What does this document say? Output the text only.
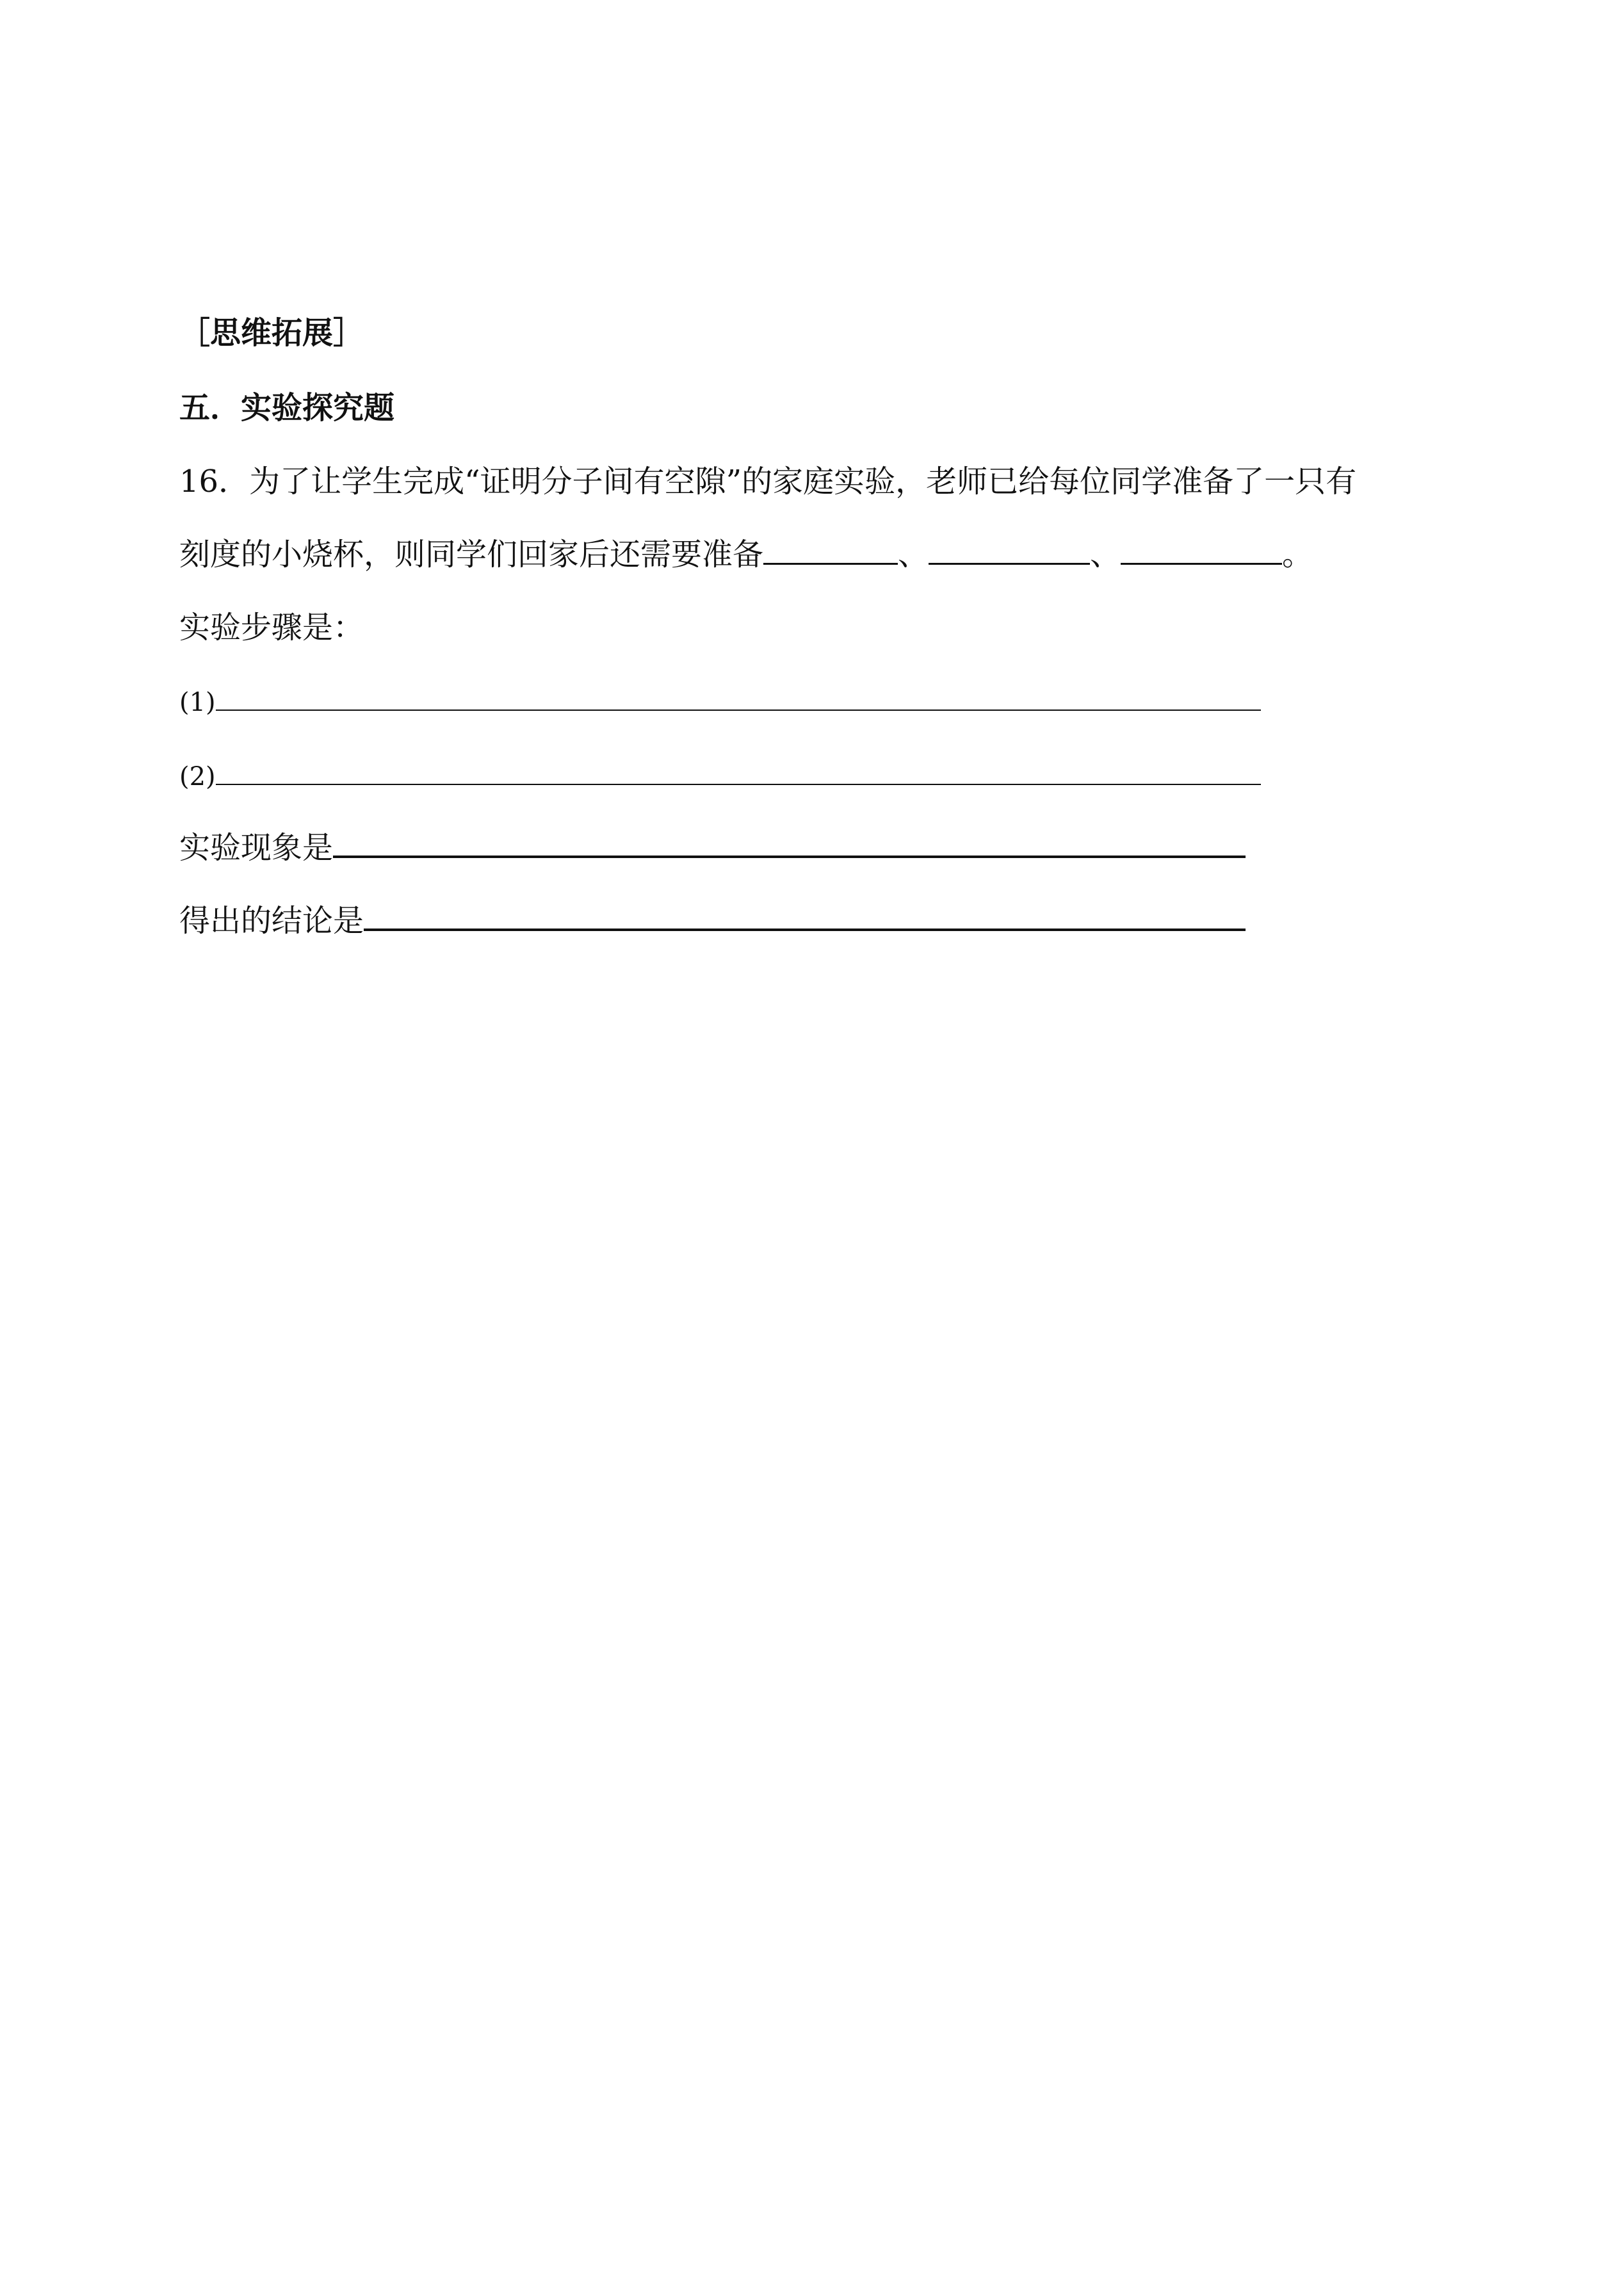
［思维拓展］
五．实验探究题
16．为了让学生完成“证明分子间有空隙”的家庭实验，老师已给每位同学准备了一只有
刻度的小烧杯，则同学们回家后还需要准备	、	、	。
实验步骤是：
(1)
(2)
实验现象是
得出的结论是
